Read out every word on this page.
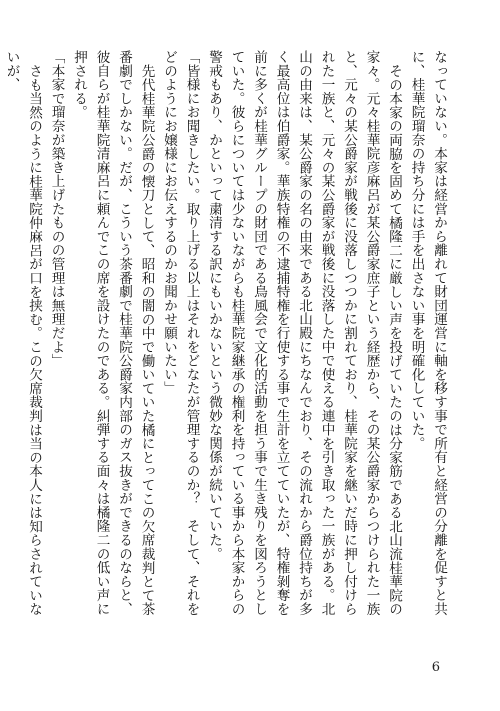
なっていない。本家は経営から離れて財団運営に軸を移す事で所有と経営の分離を促すと共に、桂華院瑠奈の持ち分には手を出さない事を明確化していた。

その本家の両脇を固めて橘隆二に厳しい声を投げていたのは分家筋である北山流桂華院の家々。元々桂華院彦麻呂が某公爵家庶子という経歴から、その某公爵家からつけられた一族と、元々の某公爵家が戦後に没落しつつかに割れており、桂華院家を継いだ時に押し付けられた一族と、元々の某公爵家が戦後に没落した中で使える連中を引き取った一族がある。北山の由来は、某公爵家の名の由来である北山殿にちなんでおり、その流れから爵位持ちが多く最高位は伯爵家。華族特権の不逮捕特権を行使する事で生計を立てていたが、特権剝奪を前に多くが桂華グループの財団である鳥風会で文化的活動を担う事で生き残りを図ろうとしていた。彼らについては少ないながらも桂華院家継承の権利を持っている事から本家からの警戒もあり、かといって粛清する訳にもいかないという微妙な関係が続いていた。

「皆様にお聞きしたい。取り上げる以上はそれをどなたが管理するのか？　そして、それをどのようにお嬢様にお伝えするのかお聞かせ願いたい」

先代桂華院公爵の懐刀として、昭和の闇の中で働いていた橘にとってこの欠席裁判とて茶番劇でしかない。だが、こういう茶番劇で桂華院公爵家内部のガス抜きができるのならと、彼自らが桂華院清麻呂に頼んでこの席を設けたのである。糾弾する面々は橘隆二の低い声に押される。

「本家で瑠奈が築き上げたものの管理は無理だよ」

さも当然のように桂華院仲麻呂が口を挟む。この欠席裁判は当の本人には知らされていないが、

6
